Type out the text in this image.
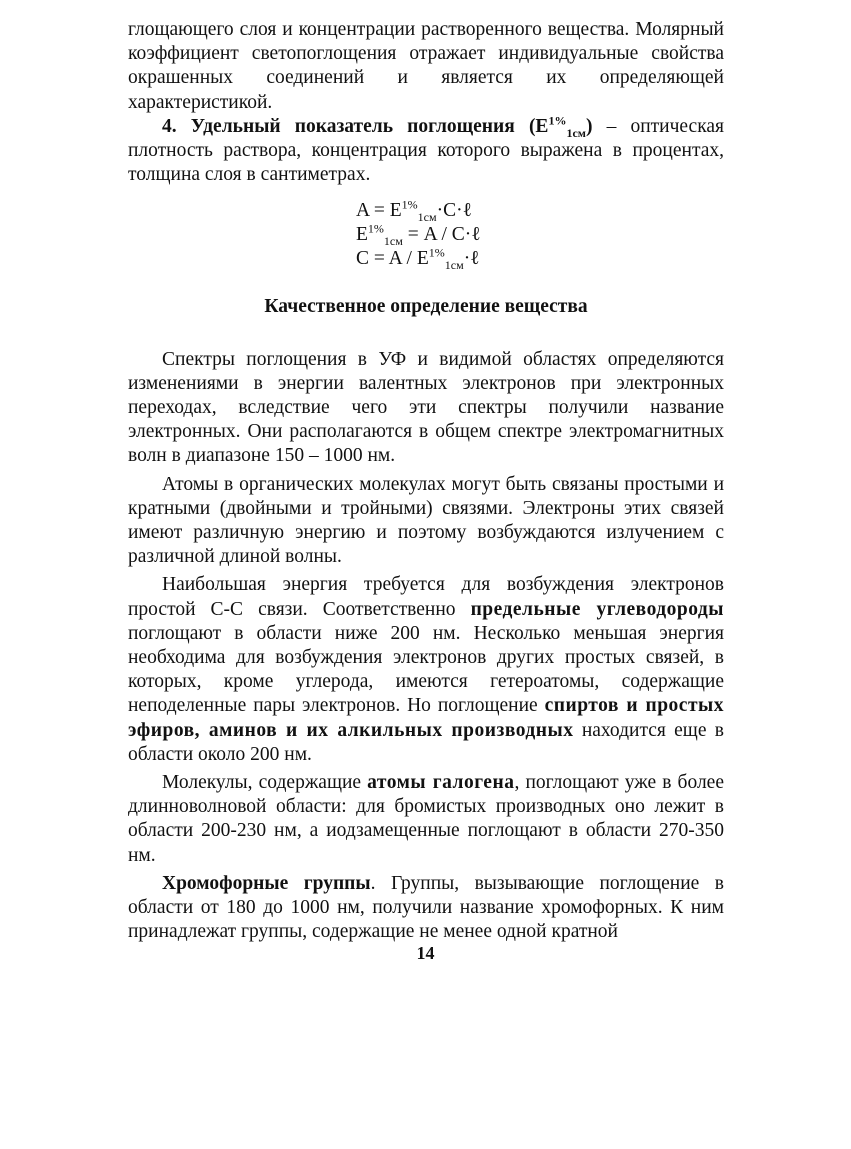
глощающего слоя и концентрации растворенного вещества. Молярный коэффициент светопоглощения отражает индивидуальные свойства окрашенных соединений и является их определяющей характеристикой.

4. Удельный показатель поглощения $(E^{1\%}_{1см})$ – оптическая плотность раствора, концентрация которого выражена в процентах, толщина слоя в сантиметрах.

$A = E^{1\%}_{1см}\cdot C\cdot\ell$
$E^{1\%}_{1см} = A$ / C·ℓ
$C = A / E^{1\%}_{1см}\cdot\ell$
Качественное определение вещества

Спектры поглощения в УФ и видимой областях определяются изменениями в энергии валентных электронов при электронных переходах, вследствие чего эти спектры получили название электронных. Они располагаются в общем спектре электромагнитных волн в диапазоне 150 – 1000 нм.

Атомы в органических молекулах могут быть связаны простыми и кратными (двойными и тройными) связями. Электроны этих связей имеют различную энергию и поэтому возбуждаются излучением с различной длиной волны.

Наибольшая энергия требуется для возбуждения электронов простой С-С связи. Соответственно предельные углеводороды поглощают в области ниже 200 нм. Несколько меньшая энергия необходима для возбуждения электронов других простых связей, в которых, кроме углерода, имеются гетероатомы, содержащие неподеленные пары электронов. Но поглощение спиртов и простых эфиров, аминов и их алкильных производных находится еще в области около 200 нм.

Молекулы, содержащие атомы галогена, поглощают уже в более длинноволновой области: для бромистых производных оно лежит в области 200-230 нм, а иодзамещенные поглощают в области 270-350 нм.

Хромофорные группы. Группы, вызывающие поглощение в области от 180 до 1000 нм, получили название хромофорных. К ним принадлежат группы, содержащие не менее одной кратной

14
